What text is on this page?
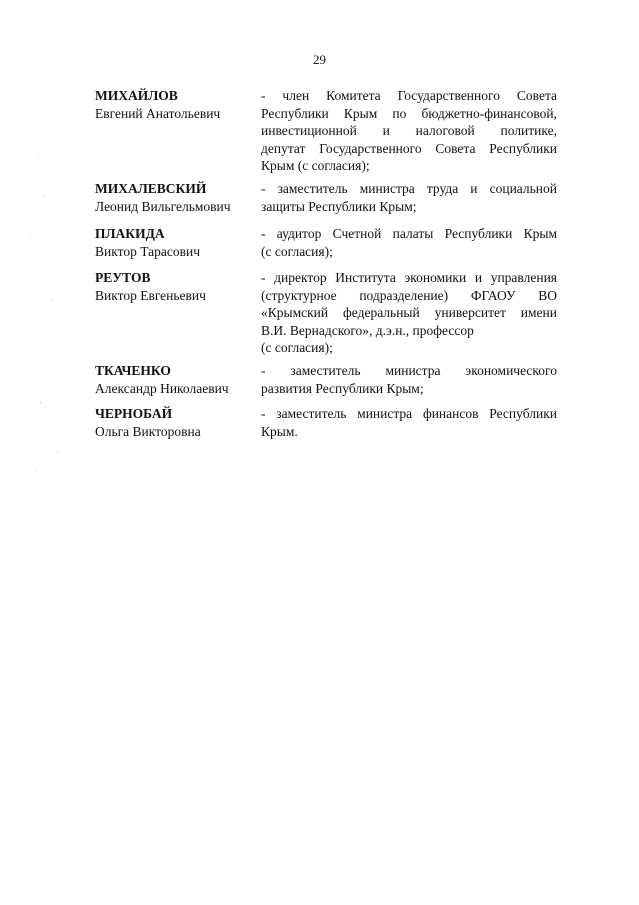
29
МИХАЙЛОВ
Евгений Анатольевич
- член Комитета Государственного Совета
Республики Крым по бюджетно-финансовой,
инвестиционной и налоговой политике,
депутат Государственного Совета Республики
Крым (с согласия);
МИХАЛЕВСКИЙ
Леонид Вильгельмович
- заместитель министра труда и социальной
защиты Республики Крым;
ПЛАКИДА
Виктор Тарасович
- аудитор Счетной палаты Республики Крым
(с согласия);
РЕУТОВ
Виктор Евгеньевич
- директор Института экономики и управления
(структурное подразделение) ФГАОУ ВО
«Крымский федеральный университет имени
В.И. Вернадского», д.э.н., профессор
(с согласия);
ТКАЧЕНКО
Александр Николаевич
- заместитель министра экономического
развития Республики Крым;
ЧЕРНОБАЙ
Ольга Викторовна
- заместитель министра финансов Республики
Крым.
